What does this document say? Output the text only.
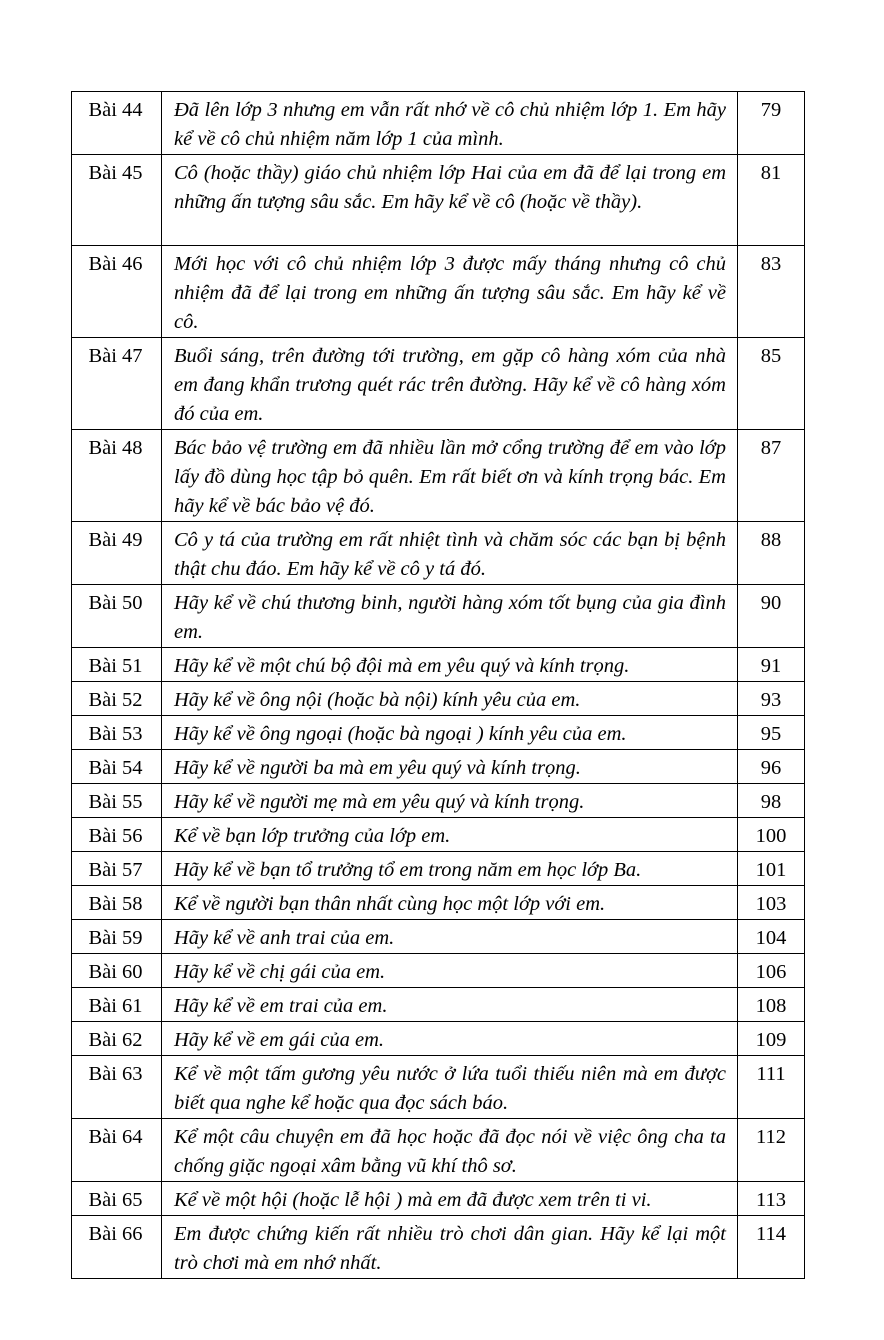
Bài 44	Đã lên lớp 3 nhưng em vẫn rất nhớ về cô chủ nhiệm lớp 1. Em hãy kể về cô chủ nhiệm năm lớp 1 của mình.	79
Bài 45	Cô (hoặc thầy) giáo chủ nhiệm lớp Hai của em đã để lại trong em những ấn tượng sâu sắc. Em hãy kể về cô (hoặc về thầy).	81
Bài 46	Mới học với cô chủ nhiệm lớp 3 được mấy tháng nhưng cô chủ nhiệm đã để lại trong em những ấn tượng sâu sắc. Em hãy kể về cô.	83
Bài 47	Buổi sáng, trên đường tới trường, em gặp cô hàng xóm của nhà em đang khẩn trương quét rác trên đường. Hãy kể về cô hàng xóm đó của em.	85
Bài 48	Bác bảo vệ trường em đã nhiều lần mở cổng trường để em vào lớp lấy đồ dùng học tập bỏ quên. Em rất biết ơn và kính trọng bác. Em hãy kể về bác bảo vệ đó.	87
Bài 49	Cô y tá của trường em rất nhiệt tình và chăm sóc các bạn bị bệnh thật chu đáo. Em hãy kể về cô y tá đó.	88
Bài 50	Hãy kể về chú thương binh, người hàng xóm tốt bụng của gia đình em.	90
Bài 51	Hãy kể về một chú bộ đội mà em yêu quý và kính trọng.	91
Bài 52	Hãy kể về ông nội (hoặc bà nội) kính yêu của em.	93
Bài 53	Hãy kể về ông ngoại (hoặc bà ngoại ) kính yêu của em.	95
Bài 54	Hãy kể về người ba mà em yêu quý và kính trọng.	96
Bài 55	Hãy kể về người mẹ mà em yêu quý và kính trọng.	98
Bài 56	Kể về bạn lớp trưởng của lớp em.	100
Bài 57	Hãy kể về bạn tổ trưởng tổ em trong năm em học lớp Ba.	101
Bài 58	Kể về người bạn thân nhất cùng học một lớp với em.	103
Bài 59	Hãy kể về anh trai của em.	104
Bài 60	Hãy kể về chị gái của em.	106
Bài 61	Hãy kể về em trai của em.	108
Bài 62	Hãy kể về em gái của em.	109
Bài 63	Kể về một tấm gương yêu nước ở lứa tuổi thiếu niên mà em được biết qua nghe kể hoặc qua đọc sách báo.	111
Bài 64	Kể một câu chuyện em đã học hoặc đã đọc nói về việc ông cha ta chống giặc ngoại xâm bằng vũ khí thô sơ.	112
Bài 65	Kể về một hội (hoặc lễ hội ) mà em đã được xem trên ti vi.	113
Bài 66	Em được chứng kiến rất nhiều trò chơi dân gian. Hãy kể lại một trò chơi mà em nhớ nhất.	114
